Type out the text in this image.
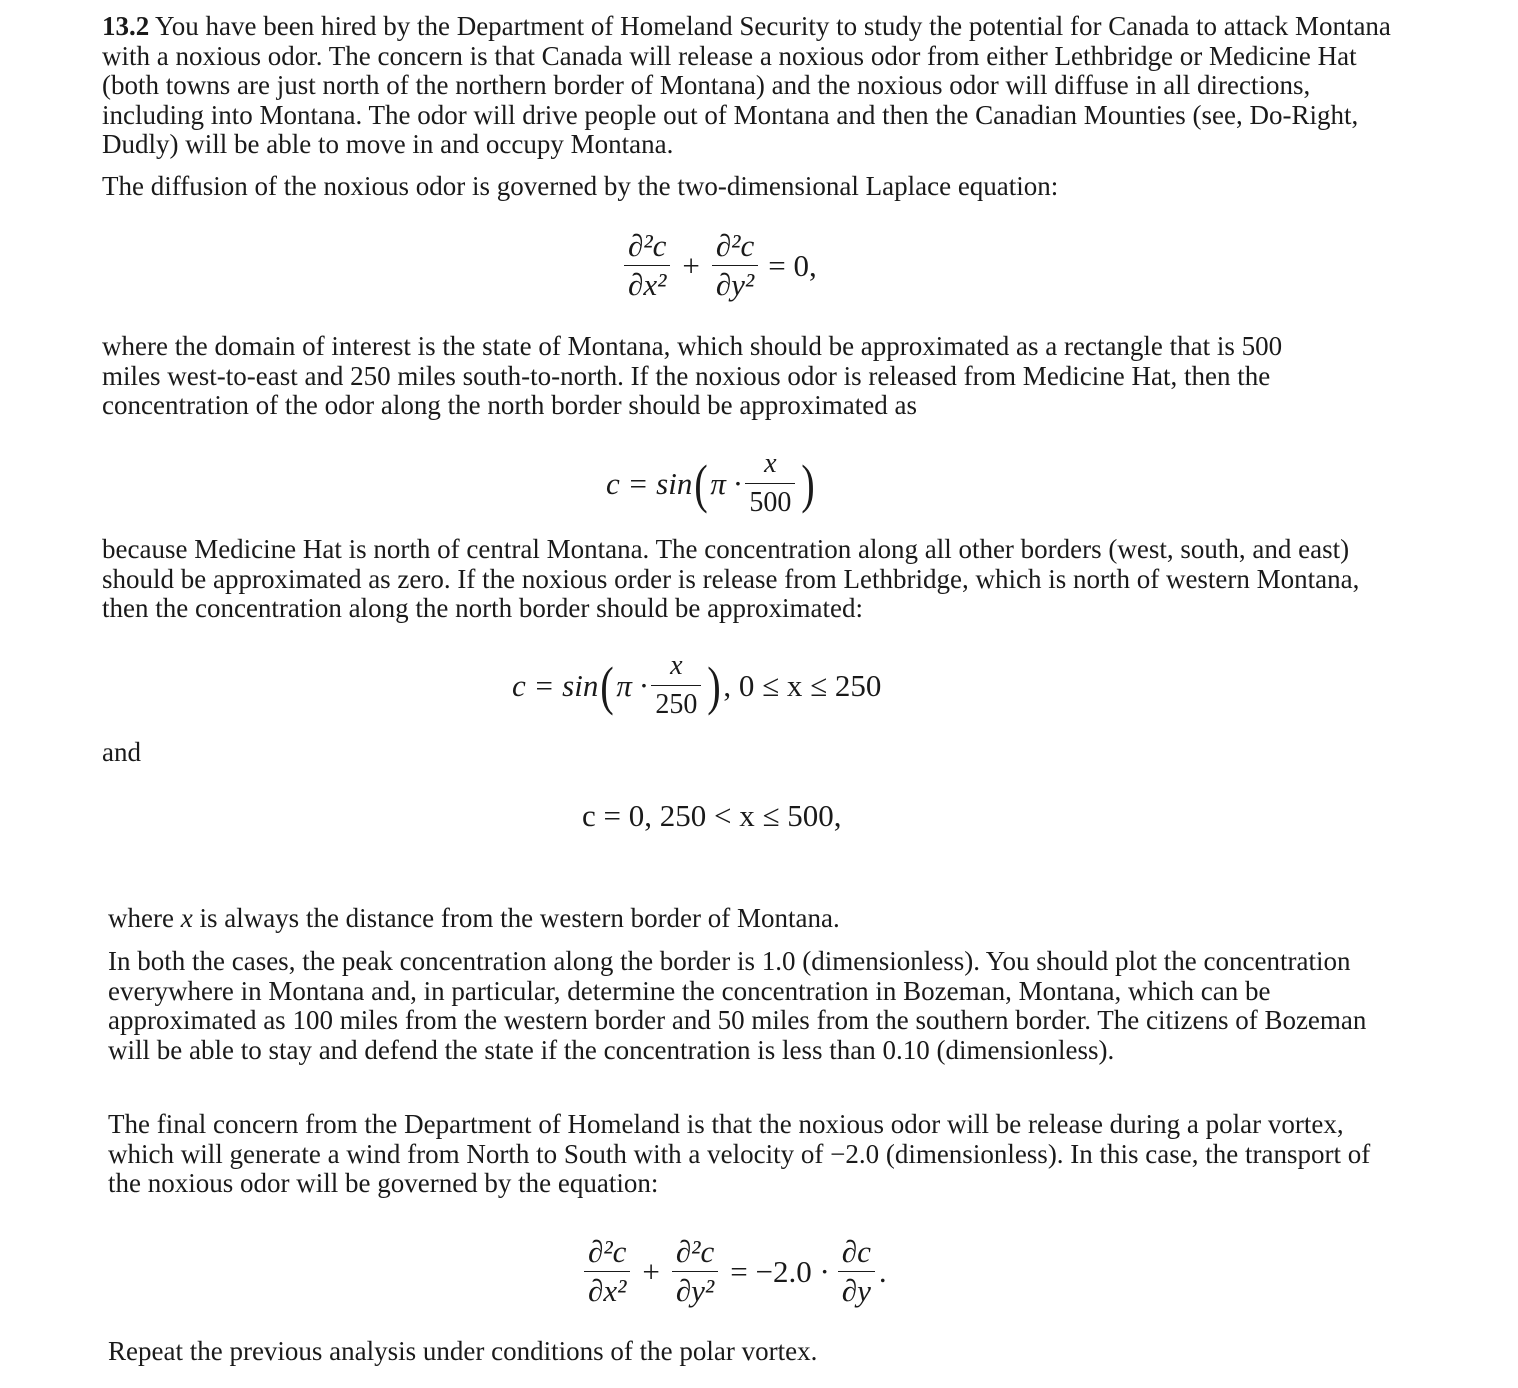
13.2 You have been hired by the Department of Homeland Security to study the potential for Canada to attack Montana with a noxious odor. The concern is that Canada will release a noxious odor from either Lethbridge or Medicine Hat (both towns are just north of the northern border of Montana) and the noxious odor will diffuse in all directions, including into Montana. The odor will drive people out of Montana and then the Canadian Mounties (see, Do-Right, Dudly) will be able to move in and occupy Montana.

The diffusion of the noxious odor is governed by the two-dimensional Laplace equation:

$\frac{\text{∂²c}}{\text{∂x²}} + \frac{\text{∂²c}}{\text{∂y²}} = 0$,

where the domain of interest is the state of Montana, which should be approximated as a rectangle that is 500 miles west-to-east and 250 miles south-to-north. If the noxious odor is released from Medicine Hat, then the concentration of the odor along the north border should be approximated as

c = sin ( $\pi \cdot \frac{x}{500}$ )

because Medicine Hat is north of central Montana. The concentration along all other borders (west, south, and east) should be approximated as zero. If the noxious order is release from Lethbridge, which is north of western Montana, then the concentration along the north border should be approximated:

c = sin ( $\pi \cdot \frac{x}{250}$ ) , 0 ≤ x ≤ 250

and

c = 0, 250 < x ≤ 500,

where x is always the distance from the western border of Montana.

In both the cases, the peak concentration along the border is 1.0 (dimensionless). You should plot the concentration everywhere in Montana and, in particular, determine the concentration in Bozeman, Montana, which can be approximated as 100 miles from the western border and 50 miles from the southern border. The citizens of Bozeman will be able to stay and defend the state if the concentration is less than 0.10 (dimensionless).

The final concern from the Department of Homeland is that the noxious odor will be release during a polar vortex, which will generate a wind from North to South with a velocity of −2.0 (dimensionless). In this case, the transport of the noxious odor will be governed by the equation:

$\frac{\text{∂²c}}{\text{∂x²}} + \frac{\text{∂²c}}{\text{∂y²}} = -2.0 \cdot \frac{\partial c}{\partial y}$ .

Repeat the previous analysis under conditions of the polar vortex.
